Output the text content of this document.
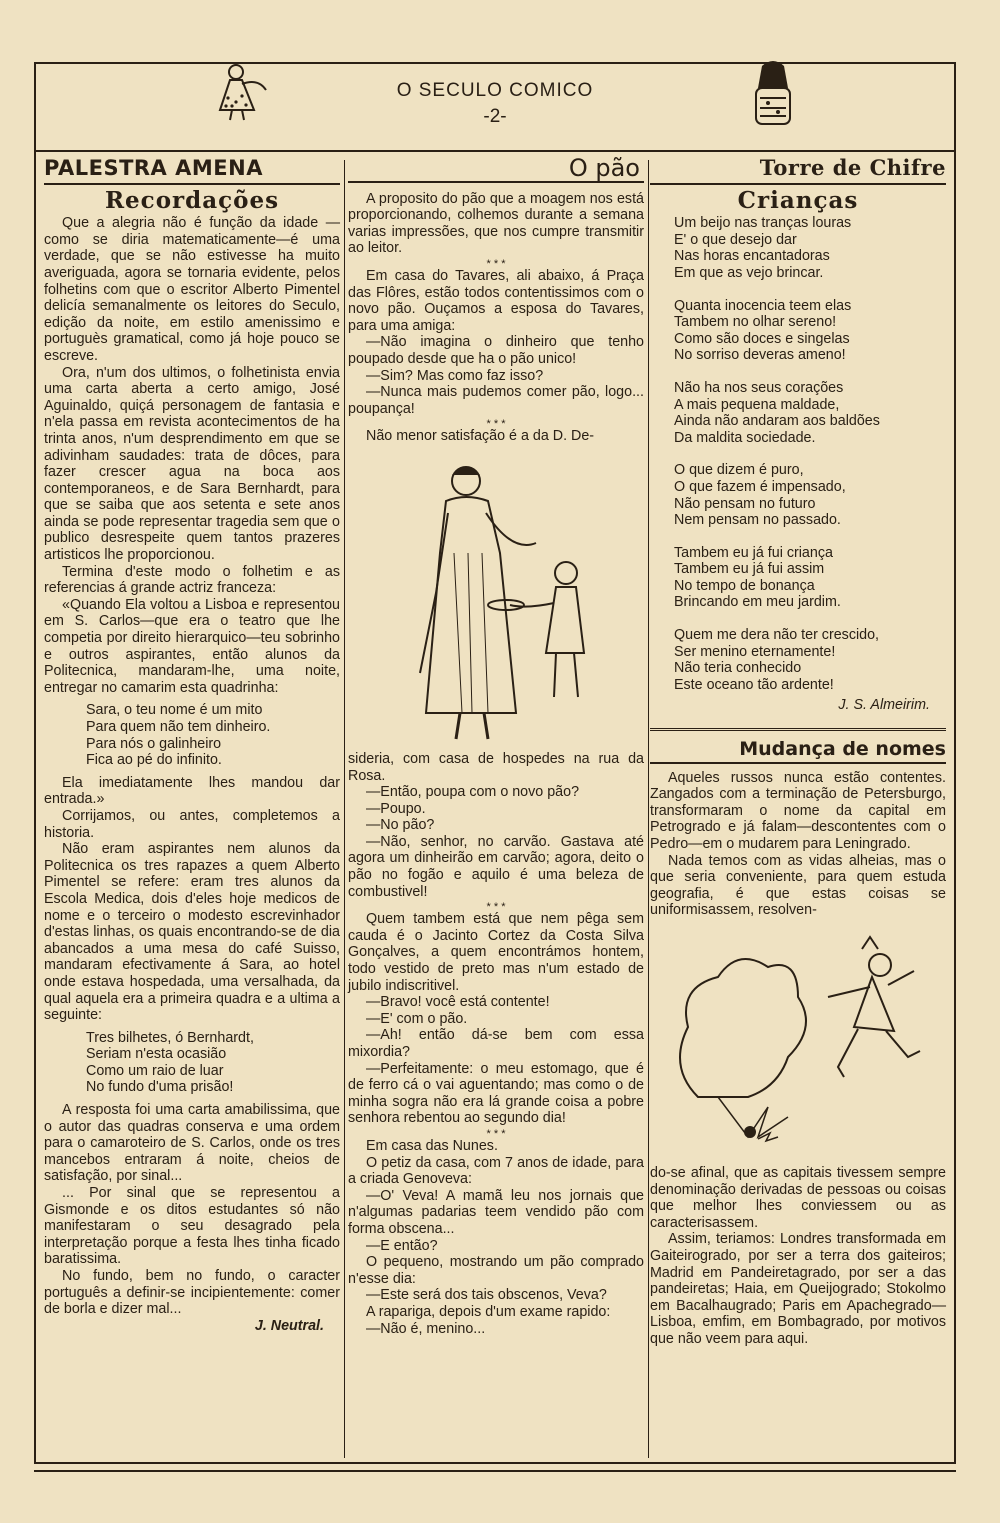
O SECULO COMICO
-2-
PALESTRA AMENA
Recordações

Que a alegria não é função da idade —como se diria matematicamente—é uma verdade, que se não estivesse ha muito averiguada, agora se tornaria evidente, pelos folhetins com que o escritor Alberto Pimentel delicía semanalmente os leitores do Seculo, edição da noite, em estilo amenissimo e portuguès gramatical, como já hoje pouco se escreve.

Ora, n'um dos ultimos, o folhetinista envia uma carta aberta a certo amigo, José Aguinaldo, quiçá personagem de fantasia e n'ela passa em revista acontecimentos de ha trinta anos, n'um desprendimento em que se adivinham saudades: trata de dôces, para fazer crescer agua na boca aos contemporaneos, e de Sara Bernhardt, para que se saiba que aos setenta e sete anos ainda se pode representar tragedia sem que o publico desrespeite quem tantos prazeres artisticos lhe proporcionou.

Termina d'este modo o folhetim e as referencias á grande actriz franceza:

«Quando Ela voltou a Lisboa e representou em S. Carlos—que era o teatro que lhe competia por direito hierarquico—teu sobrinho e outros aspirantes, então alunos da Politecnica, mandaram-lhe, uma noite, entregar no camarim esta quadrinha:

Sara, o teu nome é um mito
Para quem não tem dinheiro.
Para nós o galinheiro
Fica ao pé do infinito.

Ela imediatamente lhes mandou dar entrada.»

Corrijamos, ou antes, completemos a historia.

Não eram aspirantes nem alunos da Politecnica os tres rapazes a quem Alberto Pimentel se refere: eram tres alunos da Escola Medica, dois d'eles hoje medicos de nome e o terceiro o modesto escrevinhador d'estas linhas, os quais encontrando-se de dia abancados a uma mesa do café Suisso, mandaram efectivamente á Sara, ao hotel onde estava hospedada, uma versalhada, da qual aquela era a primeira quadra e a ultima a seguinte:

Tres bilhetes, ó Bernhardt,
Seriam n'esta ocasião
Como um raio de luar
No fundo d'uma prisão!

A resposta foi uma carta amabilissima, que o autor das quadras conserva e uma ordem para o camaroteiro de S. Carlos, onde os tres mancebos entraram á noite, cheios de satisfação, por sinal...

... Por sinal que se representou a Gismonde e os ditos estudantes só não manifestaram o seu desagrado pela interpretação porque a festa lhes tinha ficado baratissima.

No fundo, bem no fundo, o caracter português a definir-se incipientemente: comer de borla e dizer mal...

J. Neutral.
O pão

A proposito do pão que a moagem nos está proporcionando, colhemos durante a semana varias impressões, que nos cumpre transmitir ao leitor.

* * *

Em casa do Tavares, ali abaixo, á Praça das Flôres, estão todos contentissimos com o novo pão. Ouçamos a esposa do Tavares, para uma amiga:

—Não imagina o dinheiro que tenho poupado desde que ha o pão unico!

—Sim? Mas como faz isso?

—Nunca mais pudemos comer pão, logo... poupança!

* * *

Não menor satisfação é a da D. De-

sideria, com casa de hospedes na rua da Rosa.

—Então, poupa com o novo pão?

—Poupo.

—No pão?

—Não, senhor, no carvão. Gastava até agora um dinheirão em carvão; agora, deito o pão no fogão e aquilo é uma beleza de combustivel!

* * *

Quem tambem está que nem pêga sem cauda é o Jacinto Cortez da Costa Silva Gonçalves, a quem encontrámos hontem, todo vestido de preto mas n'um estado de jubilo indiscritivel.

—Bravo! você está contente!

—E' com o pão.

—Ah! então dá-se bem com essa mixordia?

—Perfeitamente: o meu estomago, que é de ferro cá o vai aguentando; mas como o de minha sogra não era lá grande coisa a pobre senhora rebentou ao segundo dia!

* * *

Em casa das Nunes.

O petiz da casa, com 7 anos de idade, para a criada Genoveva:

—O' Veva! A mamã leu nos jornais que n'algumas padarias teem vendido pão com forma obscena...

—E então?

O pequeno, mostrando um pão comprado n'esse dia:

—Este será dos tais obscenos, Veva?

A rapariga, depois d'um exame rapido:

—Não é, menino...

Torre de Chifre
Crianças
Um beijo nas tranças louras
E' o que desejo dar
Nas horas encantadoras
Em que as vejo brincar.
Quanta inocencia teem elas
Tambem no olhar sereno!
Como são doces e singelas
No sorriso deveras ameno!
Não ha nos seus corações
A mais pequena maldade,
Ainda não andaram aos baldões
Da maldita sociedade.
O que dizem é puro,
O que fazem é impensado,
Não pensam no futuro
Nem pensam no passado.
Tambem eu já fui criança
Tambem eu já fui assim
No tempo de bonança
Brincando em meu jardim.
Quem me dera não ter crescido,
Ser menino eternamente!
Não teria conhecido
Este oceano tão ardente!
J. S. Almeirim.
Mudança de nomes

Aqueles russos nunca estão contentes. Zangados com a terminação de Petersburgo, transformaram o nome da capital em Petrogrado e já falam—descontentes com o Pedro—em o mudarem para Leningrado.

Nada temos com as vidas alheias, mas o que seria conveniente, para quem estuda geografia, é que estas coisas se uniformisassem, resolven-

do-se afinal, que as capitais tivessem sempre denominação derivadas de pessoas ou coisas que melhor lhes conviessem ou as caracterisassem.

Assim, teriamos: Londres transformada em Gaiteirogrado, por ser a terra dos gaiteiros; Madrid em Pandeiretagrado, por ser a das pandeiretas; Haia, em Queijogrado; Stokolmo em Bacalhaugrado; Paris em Apachegrado—Lisboa, emfim, em Bombagrado, por motivos que não veem para aqui.
